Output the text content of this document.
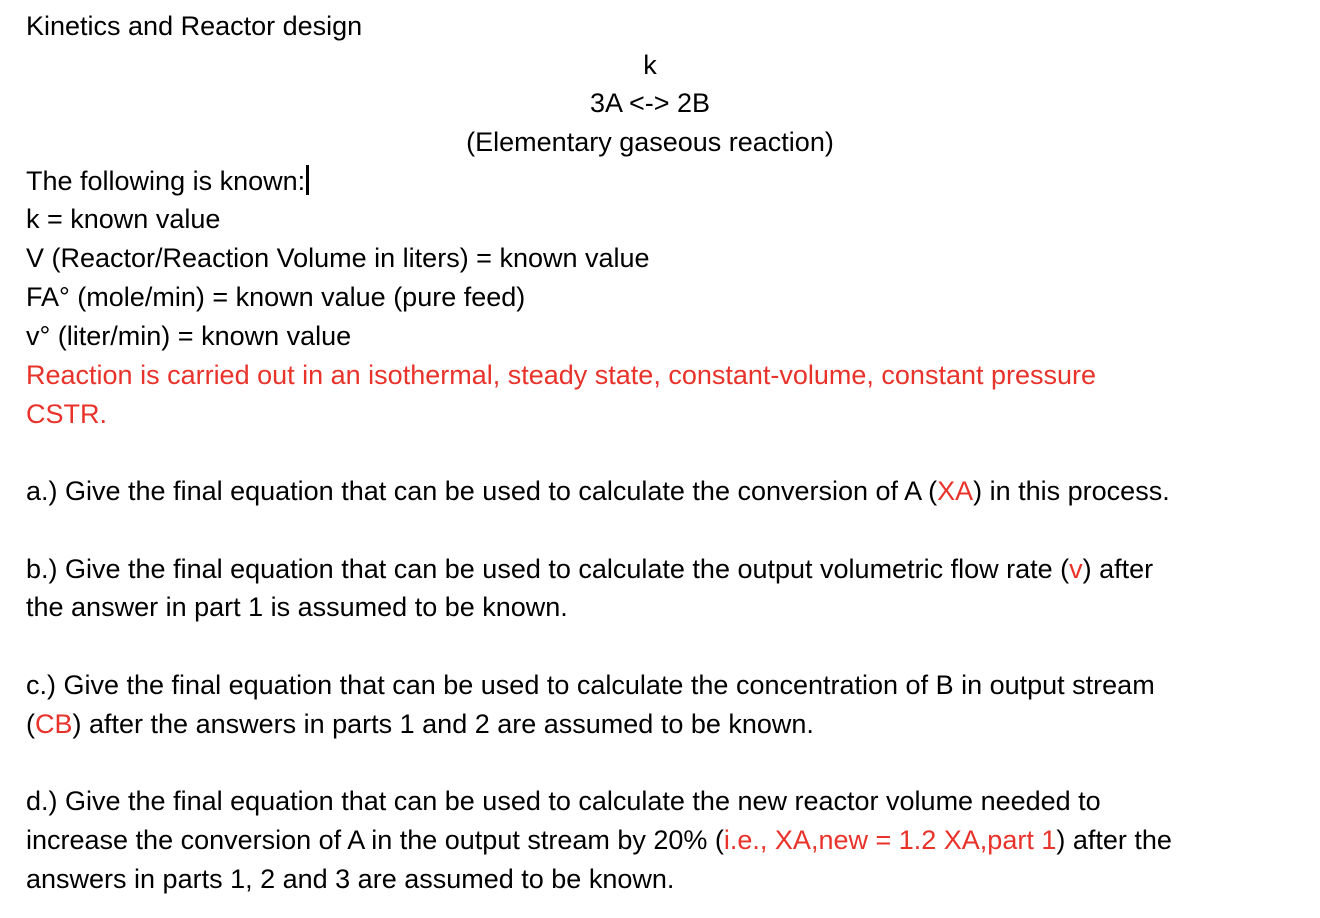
Kinetics and Reactor design
k
3A <-> 2B
(Elementary gaseous reaction)
The following is known:
k = known value
V (Reactor/Reaction Volume in liters) = known value
FA° (mole/min) = known value (pure feed)
v° (liter/min) = known value
Reaction is carried out in an isothermal, steady state, constant-volume, constant pressure
CSTR.
a.) Give the final equation that can be used to calculate the conversion of A (XA) in this process.
b.) Give the final equation that can be used to calculate the output volumetric flow rate (v) after
the answer in part 1 is assumed to be known.
c.) Give the final equation that can be used to calculate the concentration of B in output stream
(CB) after the answers in parts 1 and 2 are assumed to be known.
d.) Give the final equation that can be used to calculate the new reactor volume needed to
increase the conversion of A in the output stream by 20% (i.e., XA,new = 1.2 XA,part 1) after the
answers in parts 1, 2 and 3 are assumed to be known.
